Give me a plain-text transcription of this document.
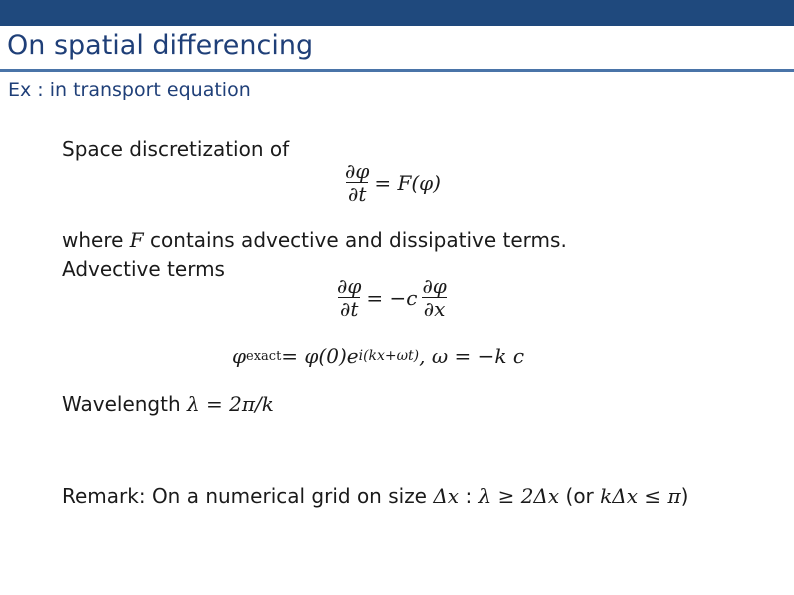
On spatial differencing
Ex : in transport equation
Space discretization of
$\frac{\partial\varphi}{\partial t} = F(\varphi)$
where F contains advective and dissipative terms.
Advective terms
$\frac{\partial\varphi}{\partial t} = -c \frac{\partial\varphi}{\partial x}$
φ exact = φ(0)e i(kx+ωt) , ω = −k c
Wavelength λ = 2π/k
Remark: On a numerical grid on size Δx : λ ≥ 2Δx (or kΔx ≤ π)
